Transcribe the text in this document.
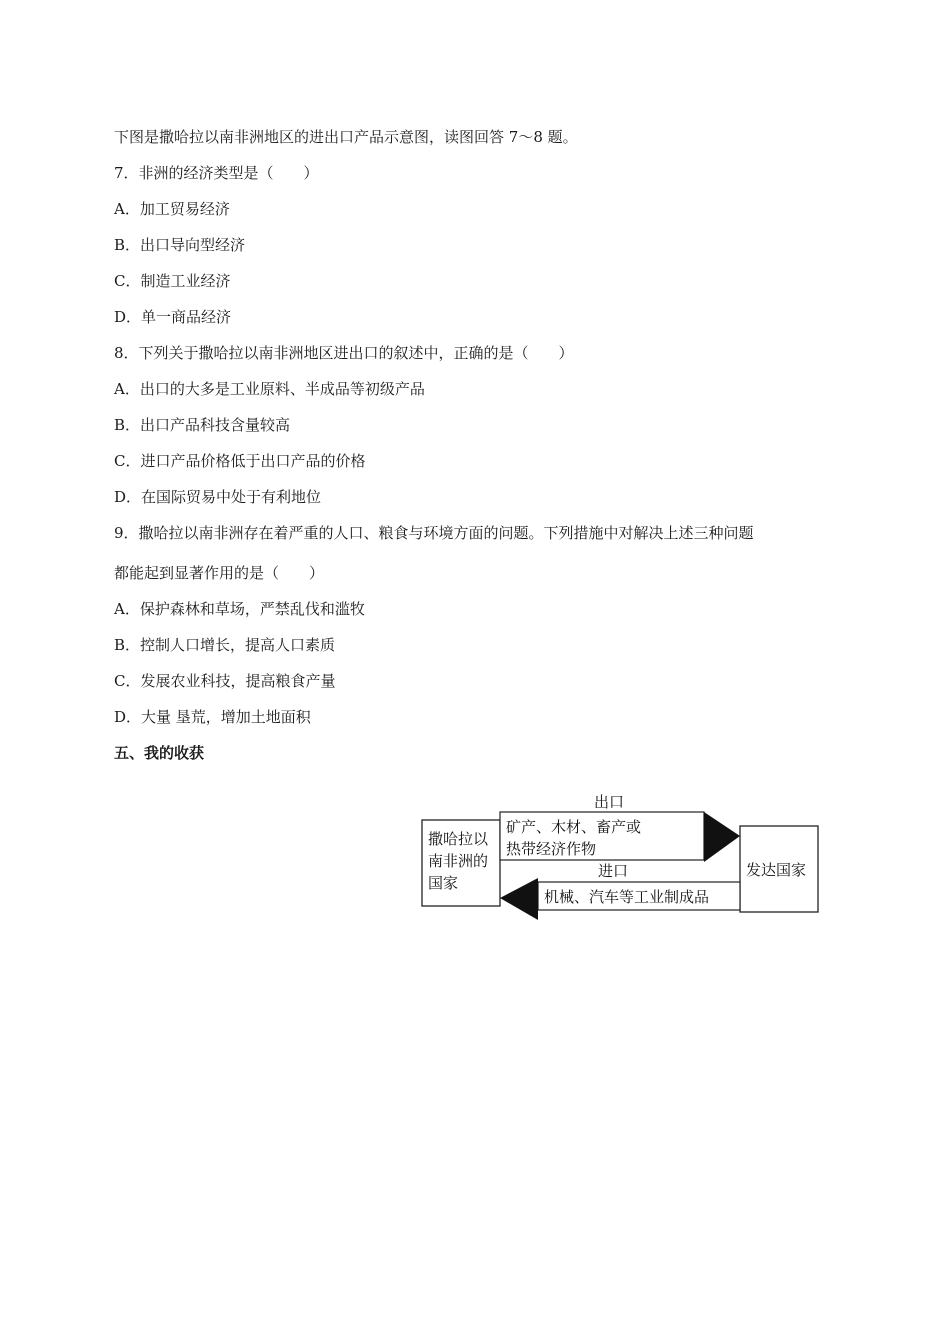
下图是撒哈拉以南非洲地区的进出口产品示意图，读图回答 7～8 题。
7．非洲的经济类型是（　　）
A．加工贸易经济
B．出口导向型经济
C．制造工业经济
D．单一商品经济
8．下列关于撒哈拉以南非洲地区进出口的叙述中，正确的是（　　）
A．出口的大多是工业原料、半成品等初级产品
B．出口产品科技含量较高
C．进口产品价格低于出口产品的价格
D．在国际贸易中处于有利地位
9．撒哈拉以南非洲存在着严重的人口、粮食与环境方面的问题。下列措施中对解决上述三种问题
都能起到显著作用的是（　　）
A．保护森林和草场，严禁乱伐和滥牧
B．控制人口增长，提高人口素质
C．发展农业科技，提高粮食产量
D．大量 垦荒，增加土地面积
五、我的收获
撒哈拉以
南非洲的
国家
发达国家
出口
矿产、木材、畜产或
热带经济作物
进口
机械、汽车等工业制成品
